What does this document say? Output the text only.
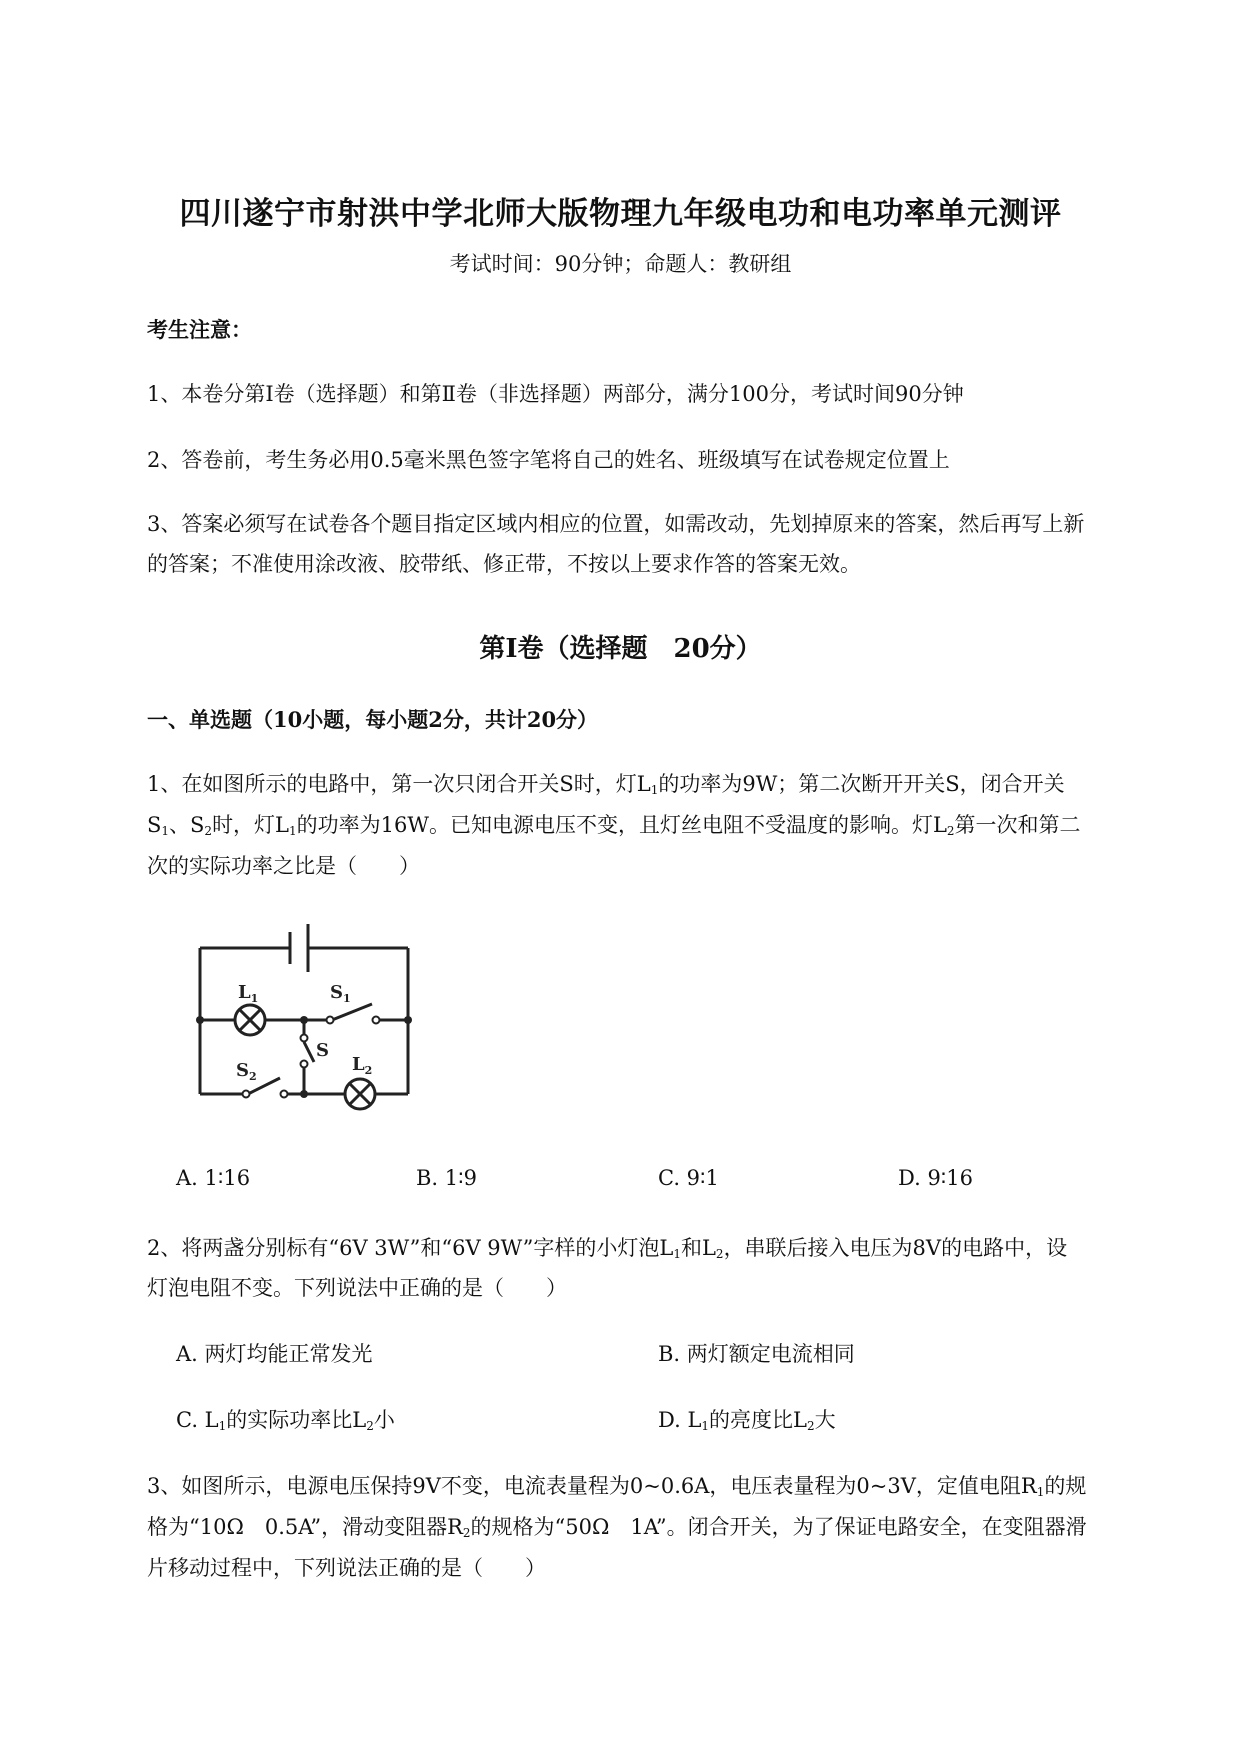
四川遂宁市射洪中学北师大版物理九年级电功和电功率单元测评
考试时间：90分钟；命题人：教研组
考生注意：
1、本卷分第Ⅰ卷（选择题）和第Ⅱ卷（非选择题）两部分，满分100分，考试时间90分钟
2、答卷前，考生务必用0.5毫米黑色签字笔将自己的姓名、班级填写在试卷规定位置上
3、答案必须写在试卷各个题目指定区域内相应的位置，如需改动，先划掉原来的答案，然后再写上新
的答案；不准使用涂改液、胶带纸、修正带，不按以上要求作答的答案无效。
第Ⅰ卷（选择题　20分）
一、单选题（10小题，每小题2分，共计20分）
1、在如图所示的电路中，第一次只闭合开关S时，灯$L_1$的功率为9W；第二次断开开关S，闭合开关
$S_1$、$S_2$时，灯$L_1$的功率为16W。已知电源电压不变，且灯丝电阻不受温度的影响。灯$L_2$第一次和第二
次的实际功率之比是（　　）
$L_1$	$S_1$
S
$S_2$
$L_2$
A. 1∶16	B. 1∶9	C. 9∶1	D. 9∶16
2、将两盏分别标有“6V 3W”和“6V 9W”字样的小灯泡$L_1$和$L_2$，串联后接入电压为8V的电路中，设
灯泡电阻不变。下列说法中正确的是（　　）
A. 两灯均能正常发光	B. 两灯额定电流相同
C. $L_1$的实际功率比$L_2$小	D. $L_1$的亮度比$L_2$大
3、如图所示，电源电压保持9V不变，电流表量程为0~0.6A，电压表量程为0~3V，定值电阻$R_1$的规
格为“10Ω　0.5A”，滑动变阻器$R_2$的规格为“50Ω　1A”。闭合开关，为了保证电路安全，在变阻器滑
片移动过程中，下列说法正确的是（　　）
